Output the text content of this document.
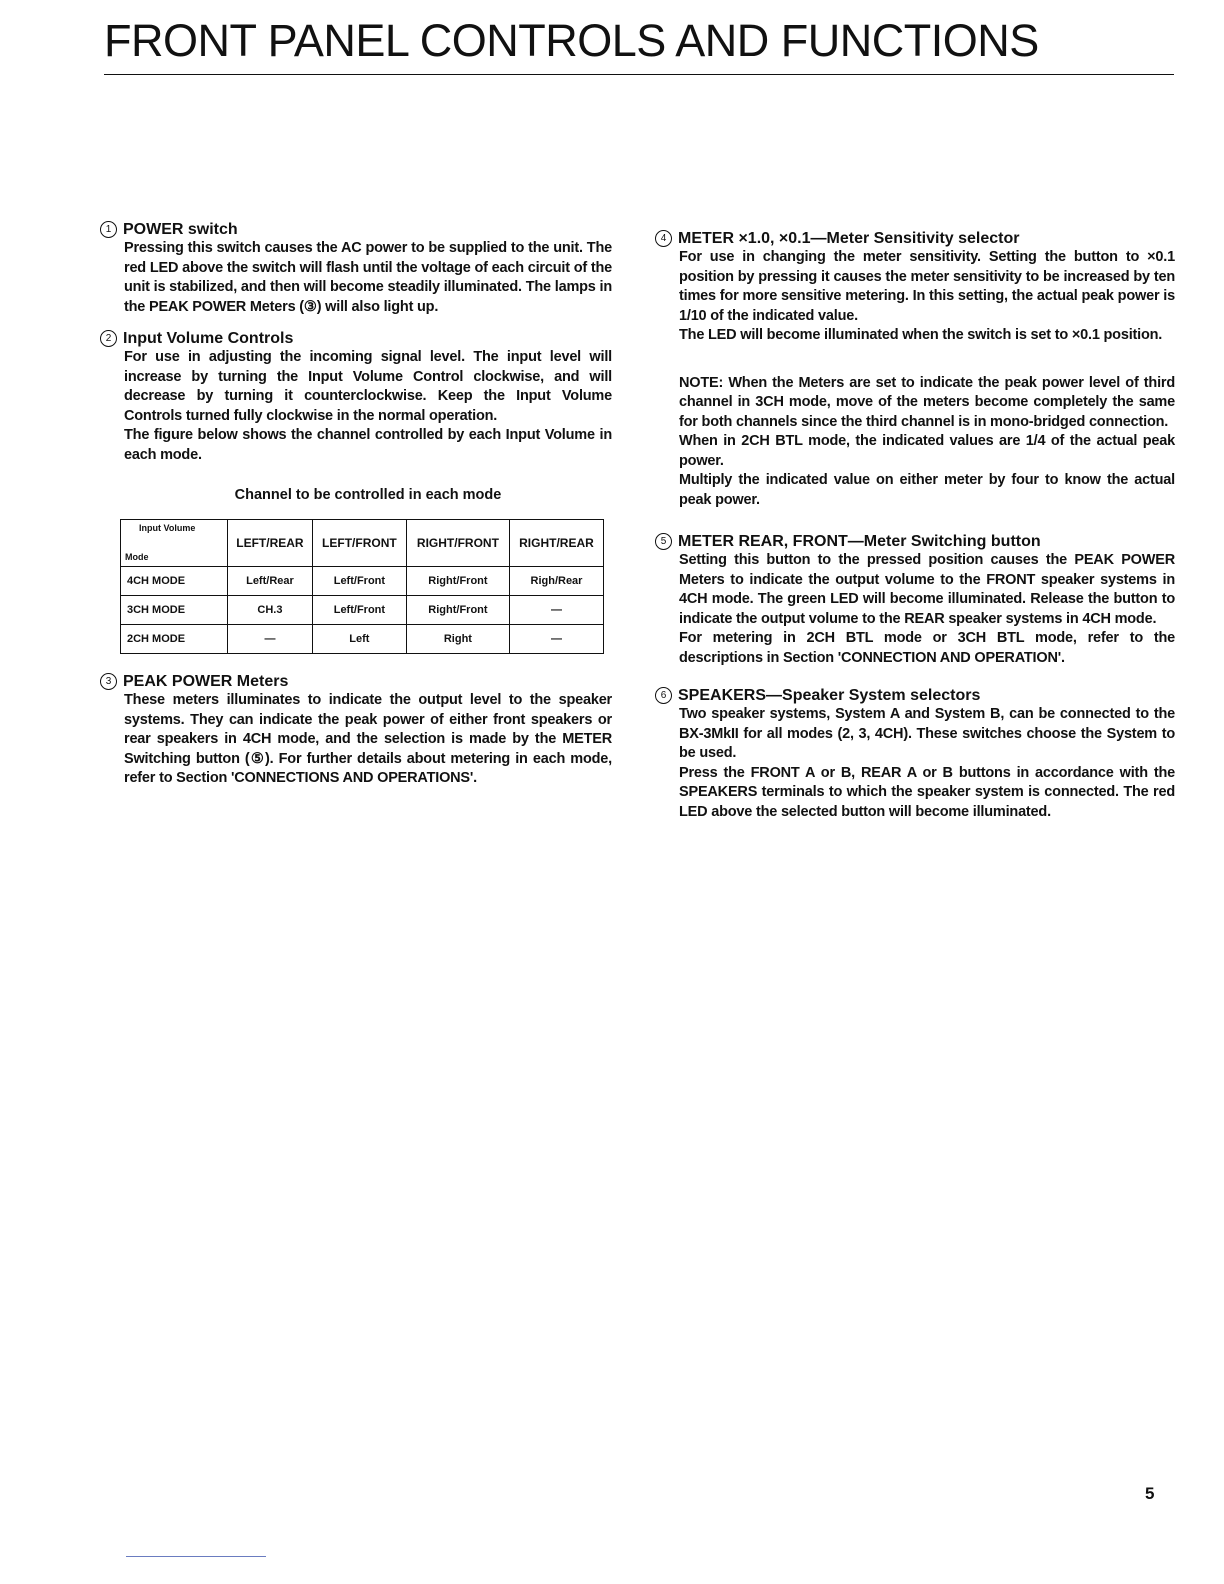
FRONT PANEL CONTROLS AND FUNCTIONS
1 POWER switch

Pressing this switch causes the AC power to be supplied to the unit. The red LED above the switch will flash until the voltage of each circuit of the unit is stabilized, and then will become steadily illuminated. The lamps in the PEAK POWER Meters (③) will also light up.

2 Input Volume Controls

For use in adjusting the incoming signal level. The input level will increase by turning the Input Volume Control clockwise, and will decrease by turning it counterclockwise. Keep the Input Volume Controls turned fully clockwise in the normal operation.

The figure below shows the channel controlled by each Input Volume in each mode.

Channel to be controlled in each mode
Input Volume
Mode	LEFT/REAR	LEFT/FRONT	RIGHT/FRONT	RIGHT/REAR
4CH MODE	Left/Rear	Left/Front	Right/Front	Righ/Rear
3CH MODE	CH.3	Left/Front	Right/Front	—
2CH MODE	—	Left	Right	—
3 PEAK POWER Meters

These meters illuminates to indicate the output level to the speaker systems. They can indicate the peak power of either front speakers or rear speakers in 4CH mode, and the selection is made by the METER Switching button (⑤). For further details about metering in each mode, refer to Section 'CONNECTIONS AND OPERATIONS'.

4 METER ×1.0, ×0.1—Meter Sensitivity selector

For use in changing the meter sensitivity. Setting the button to ×0.1 position by pressing it causes the meter sensitivity to be increased by ten times for more sensitive metering. In this setting, the actual peak power is 1/10 of the indicated value.

The LED will become illuminated when the switch is set to ×0.1 position.

NOTE: When the Meters are set to indicate the peak power level of third channel in 3CH mode, move of the meters become completely the same for both channels since the third channel is in mono-bridged connection.

When in 2CH BTL mode, the indicated values are 1/4 of the actual peak power.

Multiply the indicated value on either meter by four to know the actual peak power.

5 METER REAR, FRONT—Meter Switching button

Setting this button to the pressed position causes the PEAK POWER Meters to indicate the output volume to the FRONT speaker systems in 4CH mode. The green LED will become illuminated. Release the button to indicate the output volume to the REAR speaker systems in 4CH mode.

For metering in 2CH BTL mode or 3CH BTL mode, refer to the descriptions in Section 'CONNECTION AND OPERATION'.

6 SPEAKERS—Speaker System selectors

Two speaker systems, System A and System B, can be connected to the BX-3MkII for all modes (2, 3, 4CH). These switches choose the System to be used.

Press the FRONT A or B, REAR A or B buttons in accordance with the SPEAKERS terminals to which the speaker system is connected. The red LED above the selected button will become illuminated.

5
